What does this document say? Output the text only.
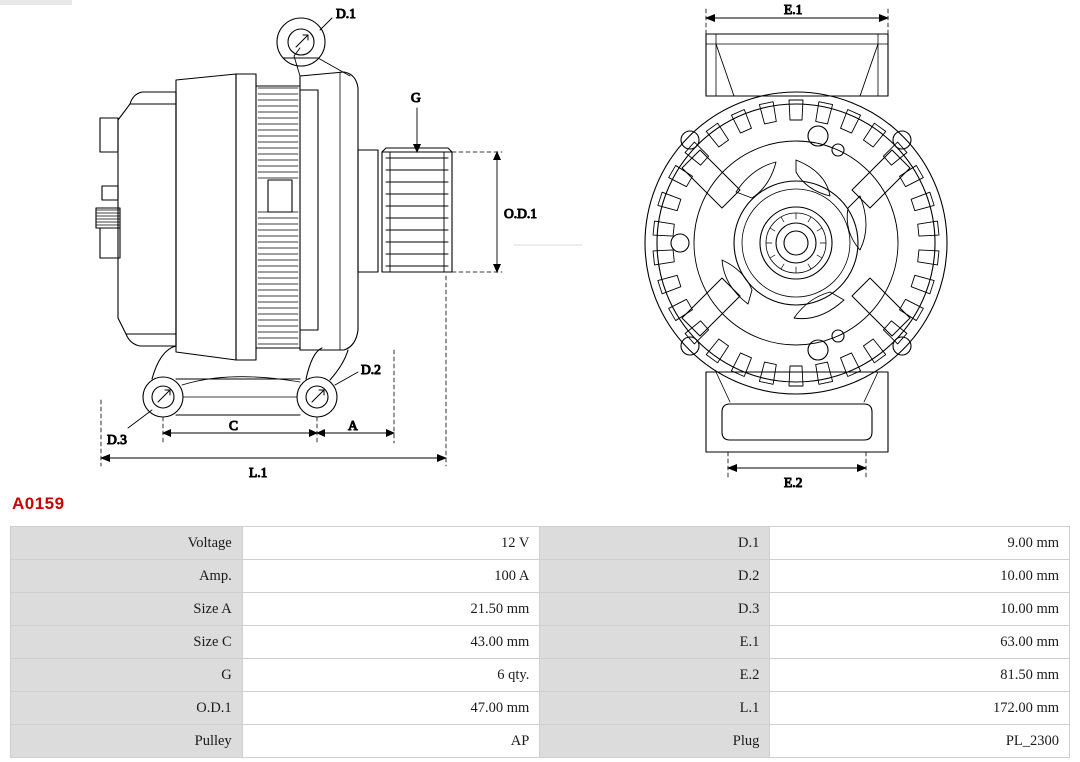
D.1
D.2
D.3
G
O.D.1
C	A
L.1
E.1
E.2
A0159
Voltage	12 V	D.1	9.00 mm
Amp.	100 A	D.2	10.00 mm
Size A	21.50 mm	D.3	10.00 mm
Size C	43.00 mm	E.1	63.00 mm
G	6 qty.	E.2	81.50 mm
O.D.1	47.00 mm	L.1	172.00 mm
Pulley	AP	Plug	PL_2300
